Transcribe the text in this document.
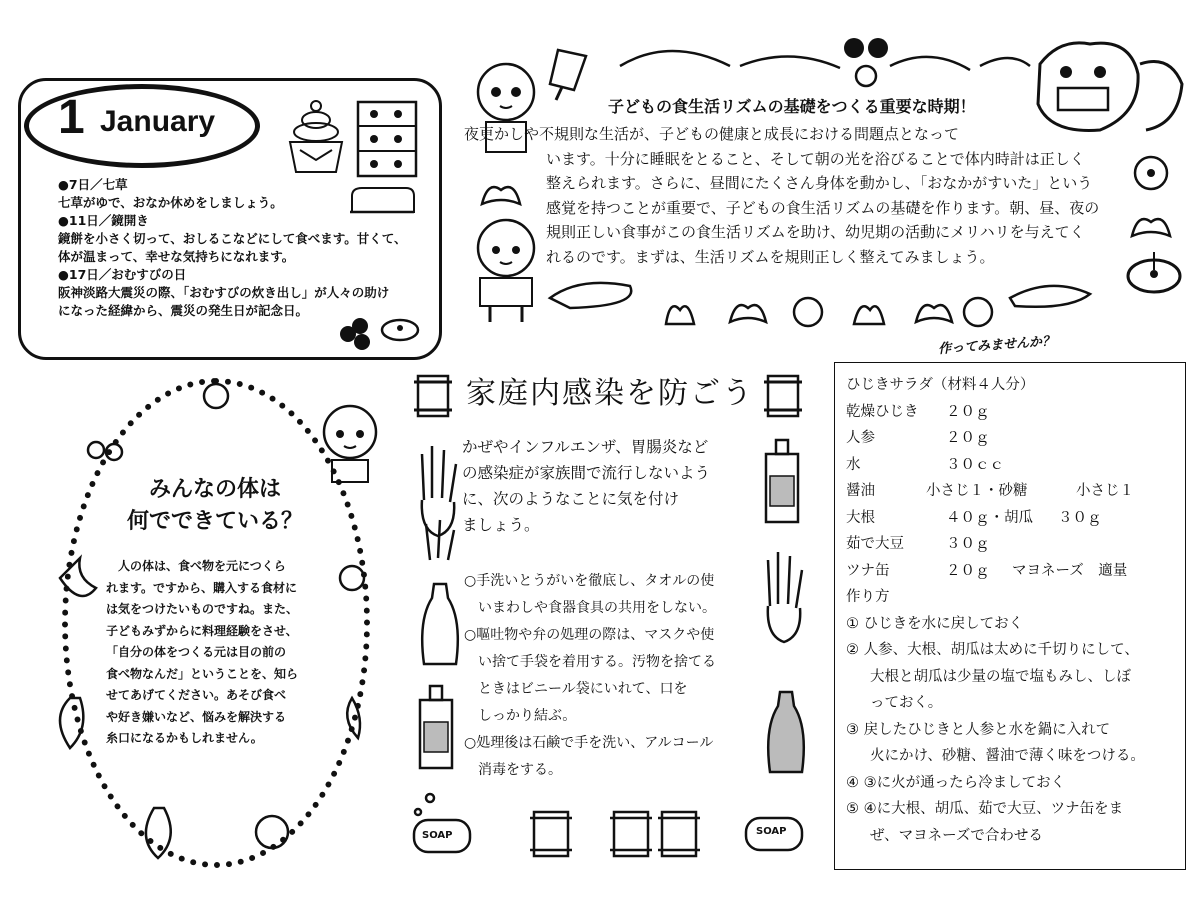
1 January
●7日／七草
七草がゆで、おなか休めをしましょう。
●11日／鏡開き
鏡餅を小さく切って、おしるこなどにして食べます。甘くて、
体が温まって、幸せな気持ちになれます。
●17日／おむすびの日
阪神淡路大震災の際、「おむすびの炊き出し」が人々の助け
になった経緯から、震災の発生日が記念日。
子どもの食生活リズムの基礎をつくる重要な時期！
夜更かしや不規則な生活が、子どもの健康と成長における問題点となって
います。十分に睡眠をとること、そして朝の光を浴びることで体内時計は正しく
整えられます。さらに、昼間にたくさん身体を動かし、「おなかがすいた」という
感覚を持つことが重要で、子どもの食生活リズムの基礎を作ります。朝、昼、夜の
規則正しい食事がこの食生活リズムを助け、幼児期の活動にメリハリを与えてく
れるのです。まずは、生活リズムを規則正しく整えてみましょう。
みんなの体は
何でできている？
　人の体は、食べ物を元につくら
れます。ですから、購入する食材に
は気をつけたいものですね。また、
子どもみずからに料理経験をさせ、
「自分の体をつくる元は目の前の
食べ物なんだ」ということを、知ら
せてあげてください。あそび食べ
や好き嫌いなど、悩みを解決する
糸口になるかもしれません。
家庭内感染を防ごう
かぜやインフルエンザ、胃腸炎など
の感染症が家族間で流行しないよう
に、次のようなことに気を付け
ましょう。
○手洗いとうがいを徹底し、タオルの使
いまわしや食器食具の共用をしない。
○嘔吐物や弁の処理の際は、マスクや使
い捨て手袋を着用する。汚物を捨てる
ときはビニール袋にいれて、口を
しっかり結ぶ。
○処理後は石鹸で手を洗い、アルコール
消毒をする。
SOAP	SOAP
作ってみませんか？
ひじきサラダ（材料４人分）
乾燥ひじき ２０ｇ
人参	２０ｇ
水	３０ｃｃ
醤油	小さじ１・砂糖	小さじ１
大根	４０ｇ・胡瓜 ３０ｇ
茹で大豆	３０ｇ
ツナ缶	２０ｇ マヨネーズ　適量
作り方
① ひじきを水に戻しておく
② 人参、大根、胡瓜は太めに千切りにして、
大根と胡瓜は少量の塩で塩もみし、しぼ
っておく。
③ 戻したひじきと人参と水を鍋に入れて
火にかけ、砂糖、醤油で薄く味をつける。
④ ③に火が通ったら冷ましておく
⑤ ④に大根、胡瓜、茹で大豆、ツナ缶をま
ぜ、マヨネーズで合わせる
